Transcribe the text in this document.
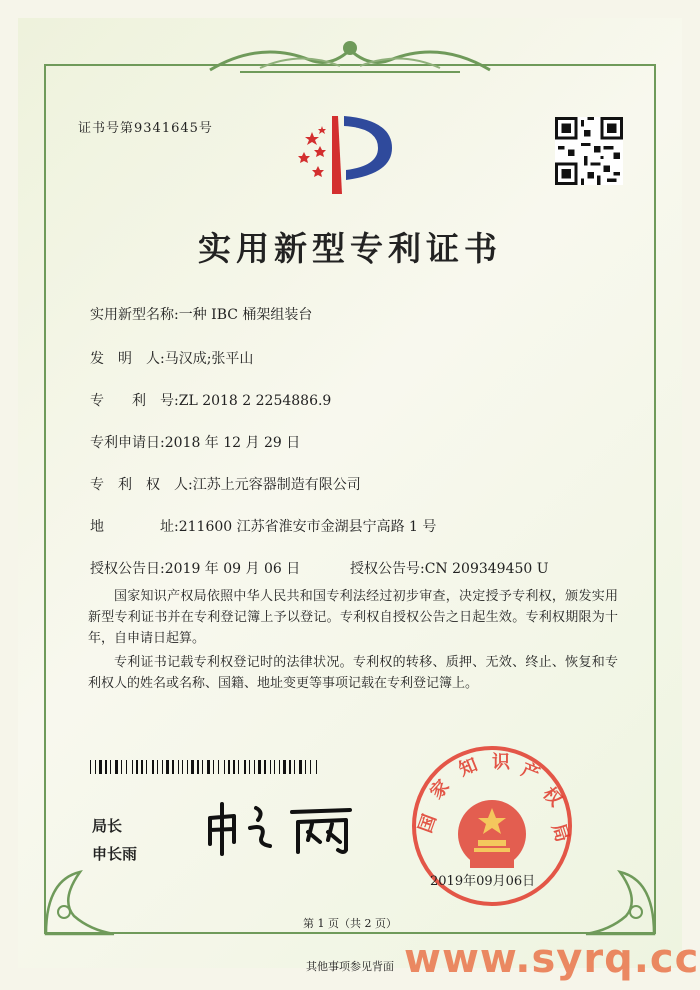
证书号第9341645号
实用新型专利证书
实用新型名称:一种 IBC 桶架组装台
发　明　人:马汉成;张平山
专　　利　号:ZL 2018 2 2254886.9
专利申请日:2018 年 12 月 29 日
专　利　权　人:江苏上元容器制造有限公司
地　　　　址:211600 江苏省淮安市金湖县宁高路 1 号
授权公告日:2019 年 09 月 06 日	授权公告号:CN 209349450 U
国家知识产权局依照中华人民共和国专利法经过初步审查，决定授予专利权，颁发实用新型专利证书并在专利登记簿上予以登记。专利权自授权公告之日起生效。专利权期限为十年，自申请日起算。
专利证书记载专利权登记时的法律状况。专利权的转移、质押、无效、终止、恢复和专利权人的姓名或名称、国籍、地址变更等事项记载在专利登记簿上。
局长
申长雨
国
家
知 识 产
权
局
2019年09月06日
第 1 页（共 2 页）
其他事项参见背面 www.syrq.cc
